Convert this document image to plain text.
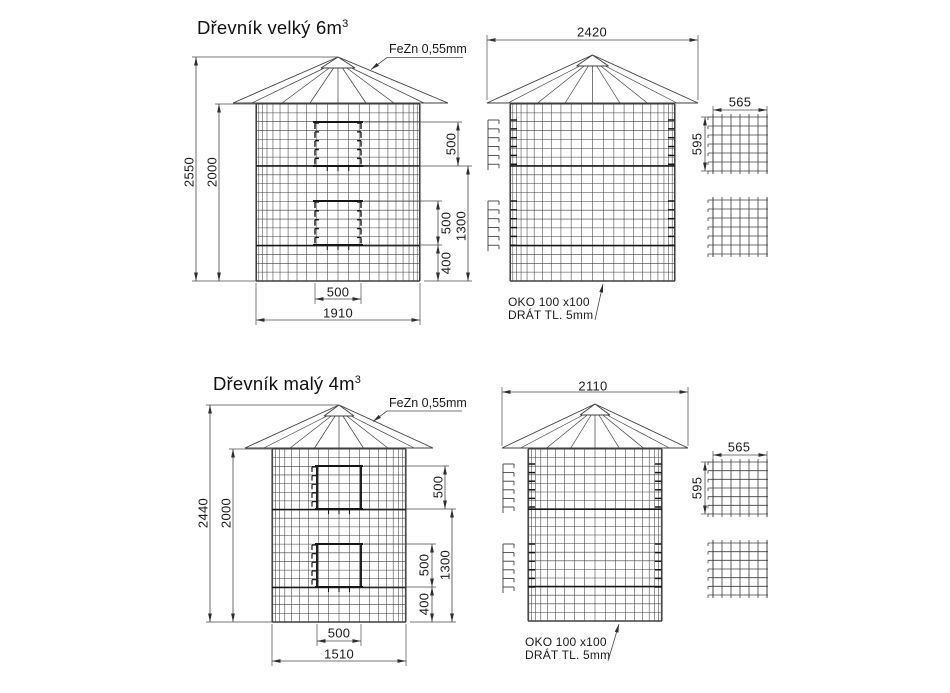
Dřevník velký $6m^3$
FeZn 0,55mm
2550 2000
500
500
400
1300
500
1910
2420
565
595
OKO 100 x100
DRÁT TL. 5mm
Dřevník malý $4m^3$
FeZn 0,55mm
2440 2000
500
500
400
1300
500
1510
2110
565
595
OKO 100 x100
DRÁT TL. 5mm
